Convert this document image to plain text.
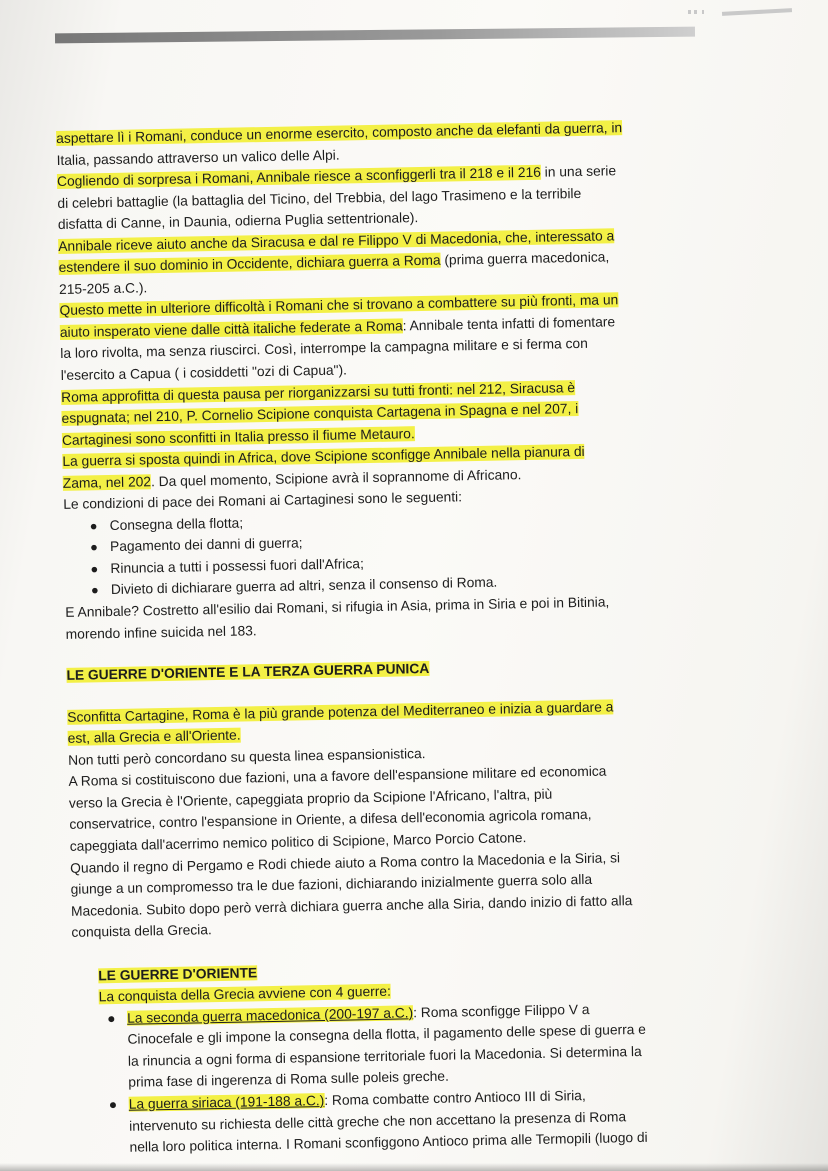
aspettare lì i Romani, conduce un enorme esercito, composto anche da elefanti da guerra, in

Italia, passando attraverso un valico delle Alpi.

Cogliendo di sorpresa i Romani, Annibale riesce a sconfiggerli tra il 218 e il 216 in una serie

di celebri battaglie (la battaglia del Ticino, del Trebbia, del lago Trasimeno e la terribile

disfatta di Canne, in Daunia, odierna Puglia settentrionale).

Annibale riceve aiuto anche da Siracusa e dal re Filippo V di Macedonia, che, interessato a

estendere il suo dominio in Occidente, dichiara guerra a Roma (prima guerra macedonica,

215-205 a.C.).

Questo mette in ulteriore difficoltà i Romani che si trovano a combattere su più fronti, ma un

aiuto insperato viene dalle città italiche federate a Roma: Annibale tenta infatti di fomentare

la loro rivolta, ma senza riuscirci. Così, interrompe la campagna militare e si ferma con

l'esercito a Capua ( i cosiddetti "ozi di Capua").

Roma approfitta di questa pausa per riorganizzarsi su tutti fronti: nel 212, Siracusa è

espugnata; nel 210, P. Cornelio Scipione conquista Cartagena in Spagna e nel 207, i

Cartaginesi sono sconfitti in Italia presso il fiume Metauro.

La guerra si sposta quindi in Africa, dove Scipione sconfigge Annibale nella pianura di

Zama, nel 202. Da quel momento, Scipione avrà il soprannome di Africano.

Le condizioni di pace dei Romani ai Cartaginesi sono le seguenti:

● Consegna della flotta;
● Pagamento dei danni di guerra;
● Rinuncia a tutti i possessi fuori dall'Africa;
● Divieto di dichiarare guerra ad altri, senza il consenso di Roma.

E Annibale? Costretto all'esilio dai Romani, si rifugia in Asia, prima in Siria e poi in Bitinia,

morendo infine suicida nel 183.

LE GUERRE D'ORIENTE E LA TERZA GUERRA PUNICA

Sconfitta Cartagine, Roma è la più grande potenza del Mediterraneo e inizia a guardare a

est, alla Grecia e all'Oriente.

Non tutti però concordano su questa linea espansionistica.

A Roma si costituiscono due fazioni, una a favore dell'espansione militare ed economica

verso la Grecia è l'Oriente, capeggiata proprio da Scipione l'Africano, l'altra, più

conservatrice, contro l'espansione in Oriente, a difesa dell'economia agricola romana,

capeggiata dall'acerrimo nemico politico di Scipione, Marco Porcio Catone.

Quando il regno di Pergamo e Rodi chiede aiuto a Roma contro la Macedonia e la Siria, si

giunge a un compromesso tra le due fazioni, dichiarando inizialmente guerra solo alla

Macedonia. Subito dopo però verrà dichiara guerra anche alla Siria, dando inizio di fatto alla

conquista della Grecia.

LE GUERRE D'ORIENTE

La conquista della Grecia avviene con 4 guerre:

● La seconda guerra macedonica (200-197 a.C.): Roma sconfigge Filippo V a
Cinocefale e gli impone la consegna della flotta, il pagamento delle spese di guerra e
la rinuncia a ogni forma di espansione territoriale fuori la Macedonia. Si determina la
prima fase di ingerenza di Roma sulle poleis greche.
● La guerra siriaca (191-188 a.C.): Roma combatte contro Antioco III di Siria,
intervenuto su richiesta delle città greche che non accettano la presenza di Roma
nella loro politica interna. I Romani sconfiggono Antioco prima alle Termopili (luogo di
